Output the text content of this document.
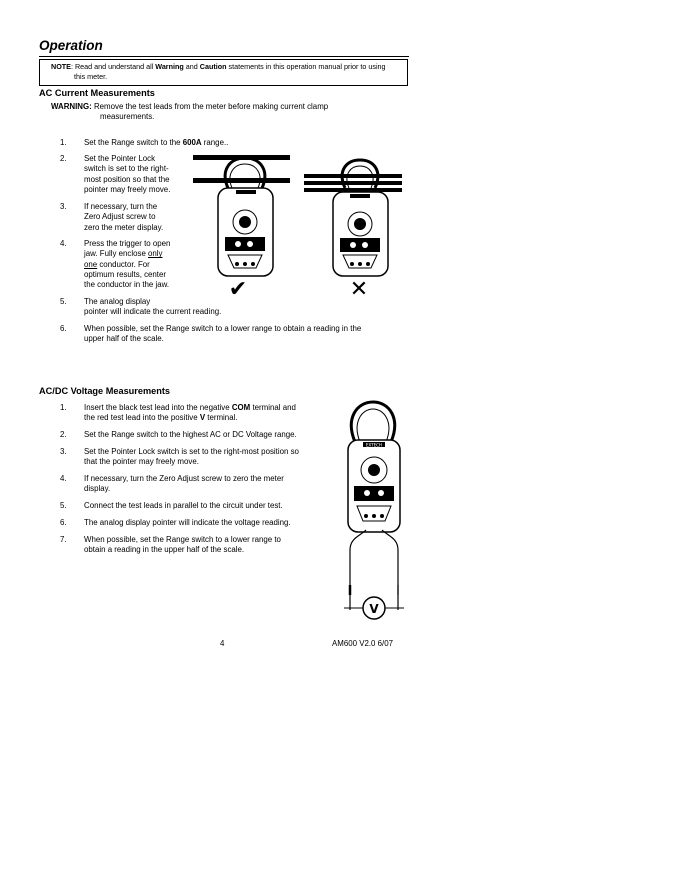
Operation
NOTE: Read and understand all Warning and Caution statements in this operation manual prior to using
this meter.
AC Current Measurements
WARNING: Remove the test leads from the meter before making current clamp
measurements.
1.	Set the Range switch to the 600A range..
2.	Set the Pointer Lock
switch is set to the right-
most position so that the
pointer may freely move.
3.	If necessary, turn the
Zero Adjust screw to
zero the meter display.
4.	Press the trigger to open
jaw. Fully enclose only
one conductor. For
optimum results, center
the conductor in the jaw.
5.	The analog display
pointer will indicate the current reading.
6.	When possible, set the Range switch to a lower range to obtain a reading in the
upper half of the scale.
✔	✕
AC/DC Voltage Measurements
1.	Insert the black test lead into the negative COM terminal and
the red test lead into the positive V terminal.
2.	Set the Range switch to the highest AC or DC Voltage range.
3.	Set the Pointer Lock switch is set to the right-most position so
that the pointer may freely move.
4.	If necessary, turn the Zero Adjust screw to zero the meter
display.
5.	Connect the test leads in parallel to the circuit under test.
6.	The analog display pointer will indicate the voltage reading.
7.	When possible, set the Range switch to a lower range to
obtain a reading in the upper half of the scale.
EXTECH
V
4	AM600 V2.0 6/07
